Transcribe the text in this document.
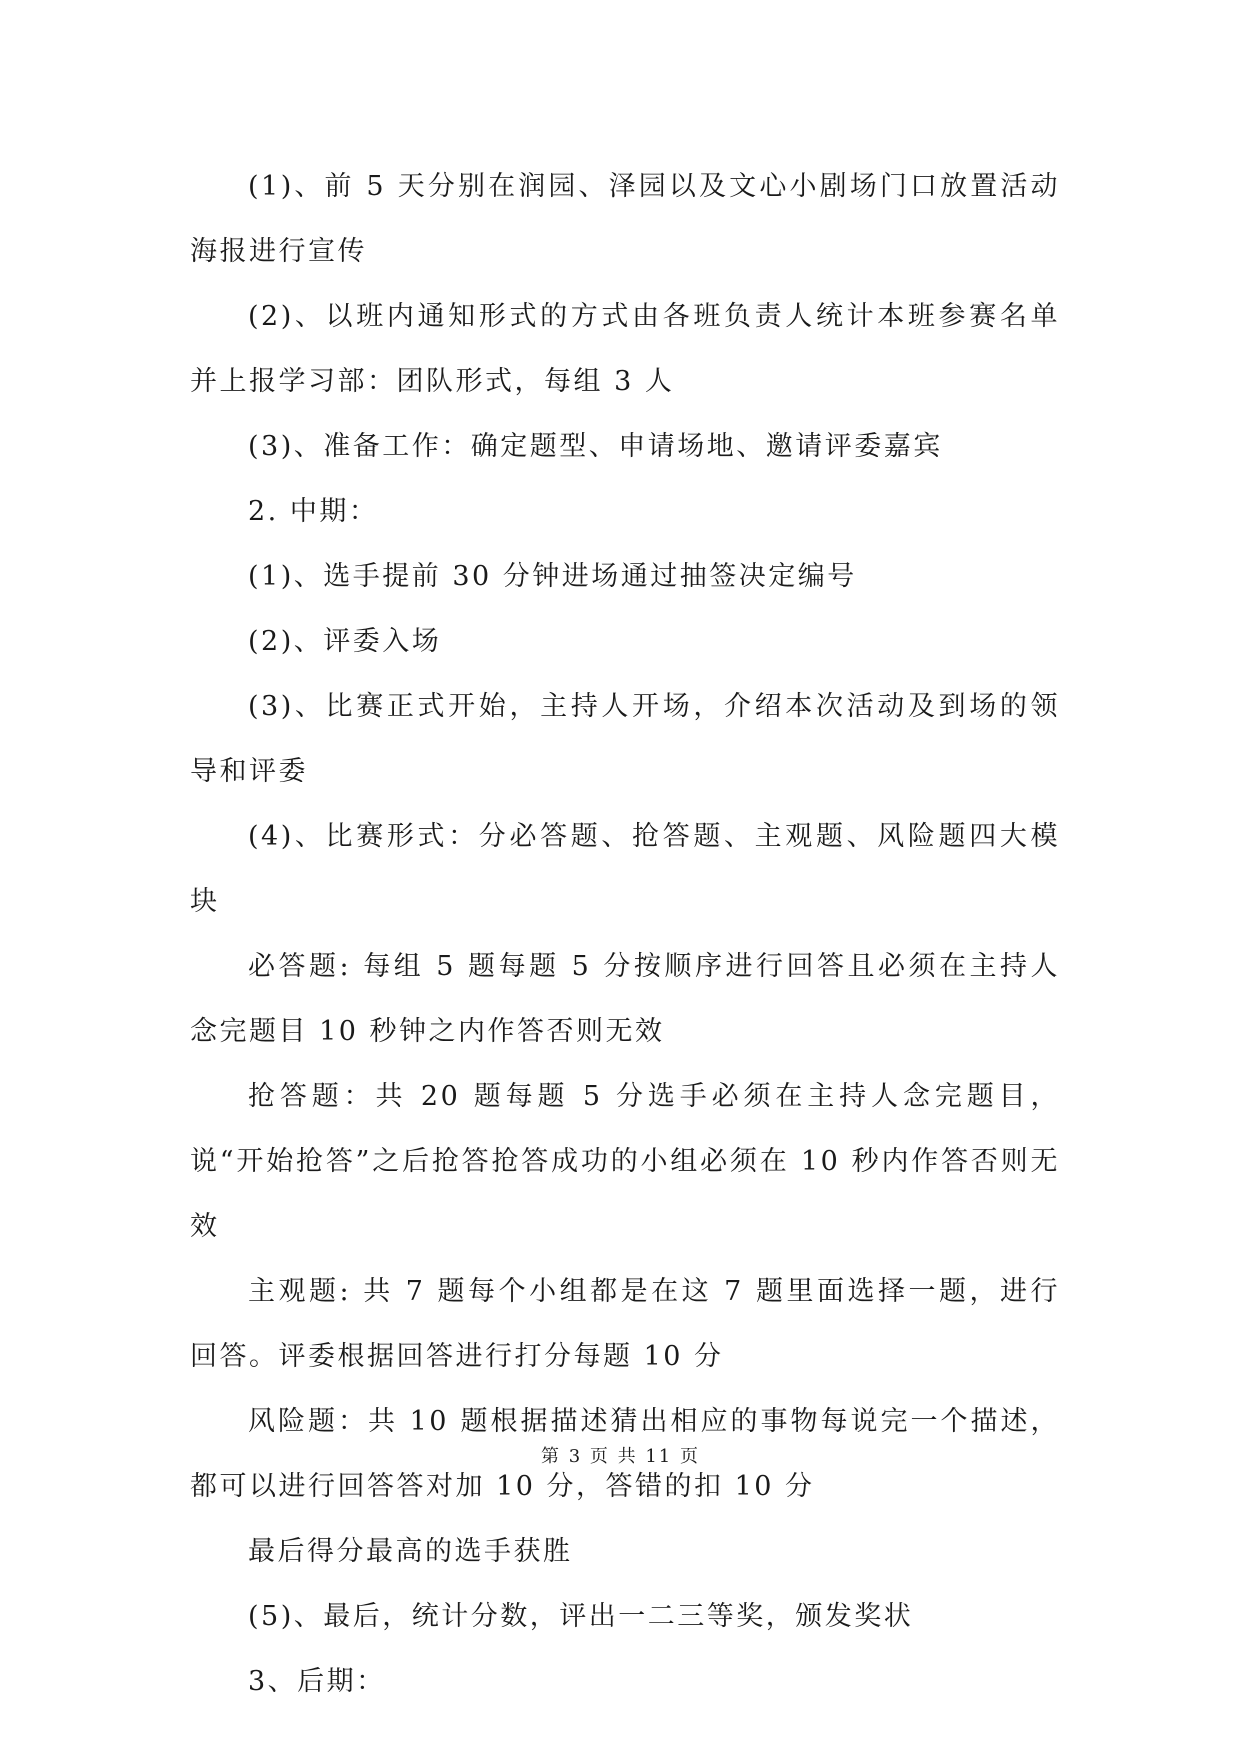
(1)、前 5 天分别在润园、泽园以及文心小剧场门口放置活动海报进行宣传

(2)、以班内通知形式的方式由各班负责人统计本班参赛名单并上报学习部：团队形式，每组 3 人

(3)、准备工作：确定题型、申请场地、邀请评委嘉宾

2. 中期：

(1)、选手提前 30 分钟进场通过抽签决定编号

(2)、评委入场

(3)、比赛正式开始，主持人开场，介绍本次活动及到场的领导和评委

(4)、比赛形式：分必答题、抢答题、主观题、风险题四大模块

必答题: 每组 5 题每题 5 分按顺序进行回答且必须在主持人念完题目 10 秒钟之内作答否则无效

抢答题：共 20 题每题 5 分选手必须在主持人念完题目，说“开始抢答”之后抢答抢答成功的小组必须在 10 秒内作答否则无效

主观题: 共 7 题每个小组都是在这 7 题里面选择一题，进行回答。评委根据回答进行打分每题 10 分

风险题：共 10 题根据描述猜出相应的事物每说完一个描述，都可以进行回答答对加 10 分，答错的扣 10 分

最后得分最高的选手获胜

(5)、最后，统计分数，评出一二三等奖，颁发奖状

3、后期：

第 3 页 共 11 页
